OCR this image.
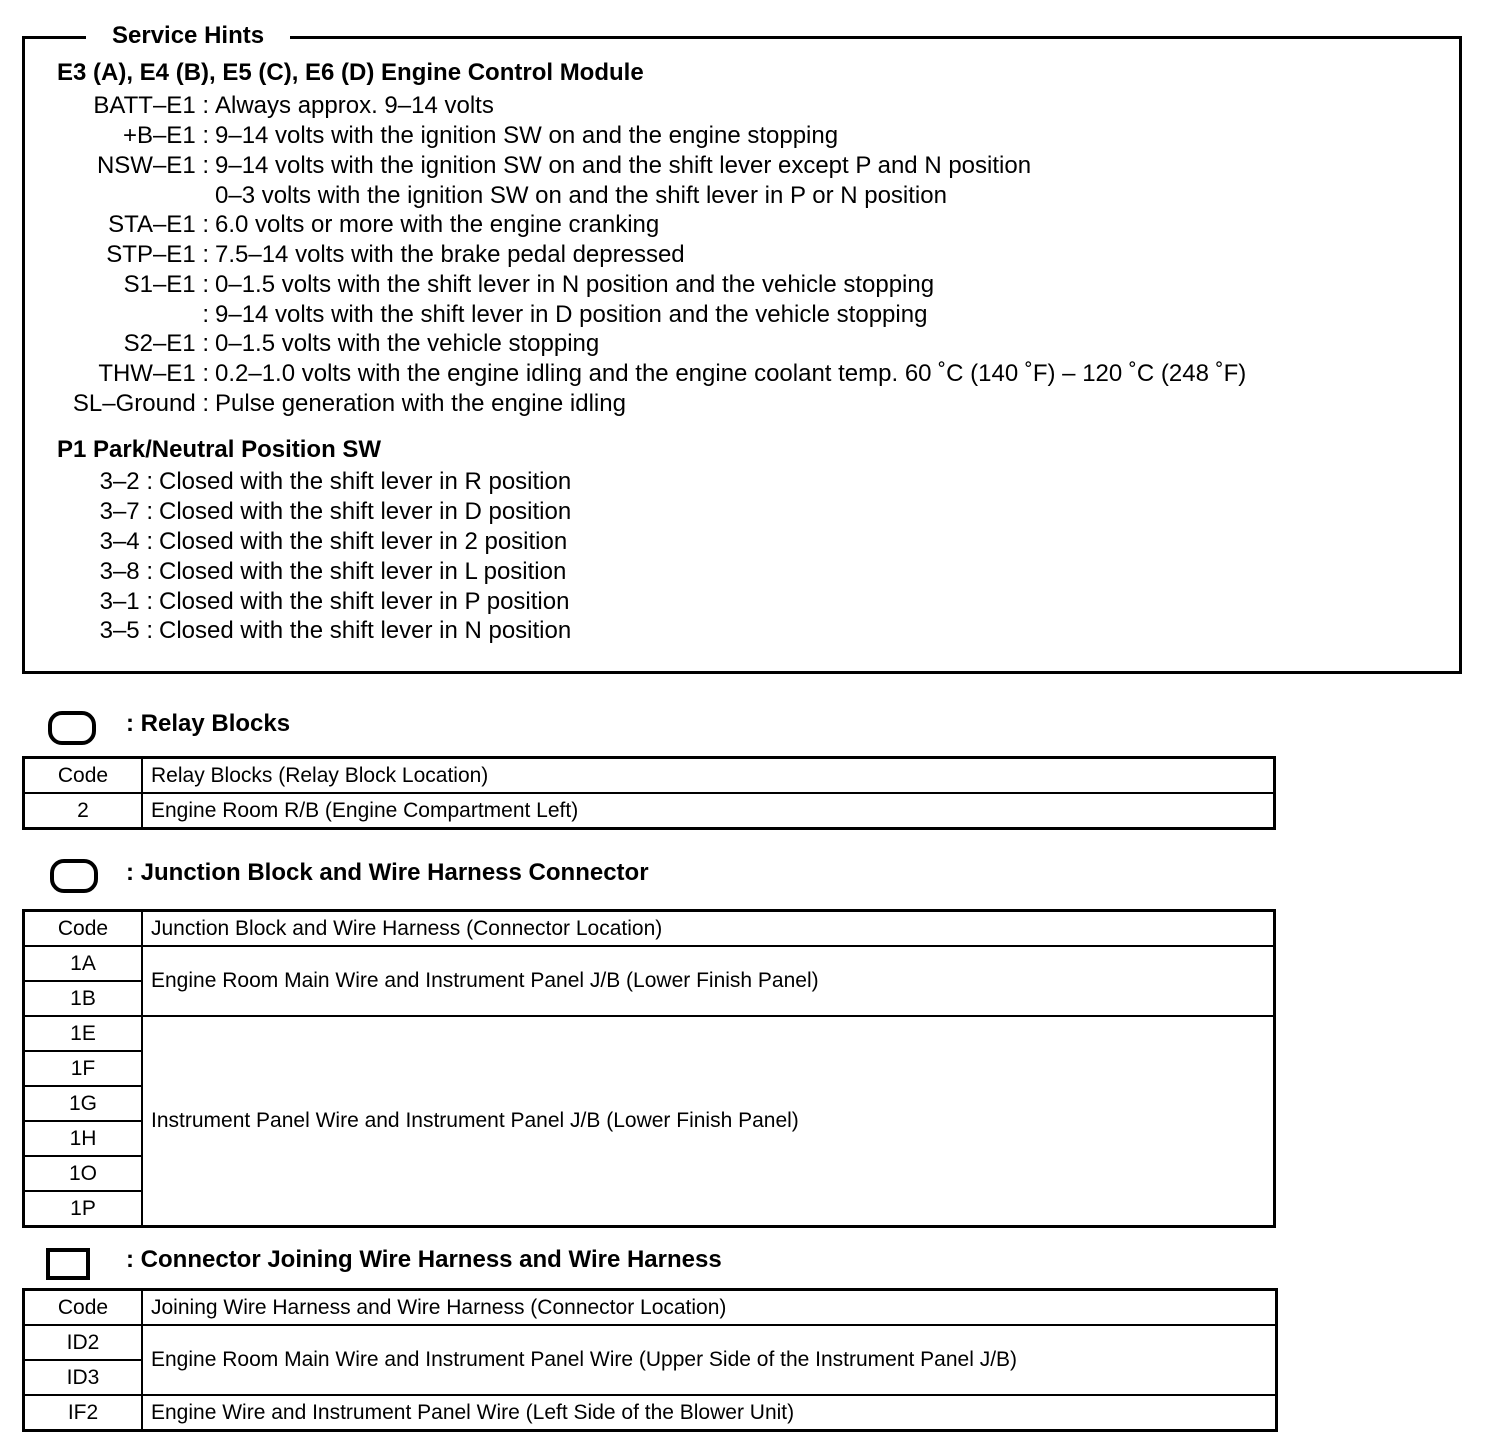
Service Hints
E3 (A), E4 (B), E5 (C), E6 (D) Engine Control Module
BATT–E1 : Always approx. 9–14 volts
+B–E1 : 9–14 volts with the ignition SW on and the engine stopping
NSW–E1 : 9–14 volts with the ignition SW on and the shift lever except P and N position
0–3 volts with the ignition SW on and the shift lever in P or N position
STA–E1 : 6.0 volts or more with the engine cranking
STP–E1 : 7.5–14 volts with the brake pedal depressed
S1–E1 : 0–1.5 volts with the shift lever in N position and the vehicle stopping
: 9–14 volts with the shift lever in D position and the vehicle stopping
S2–E1 : 0–1.5 volts with the vehicle stopping
THW–E1 : 0.2–1.0 volts with the engine idling and the engine coolant temp. 60 ˚C (140 ˚F) – 120 ˚C (248 ˚F)
SL–Ground : Pulse generation with the engine idling
P1 Park/Neutral Position SW
3–2 : Closed with the shift lever in R position
3–7 : Closed with the shift lever in D position
3–4 : Closed with the shift lever in 2 position
3–8 : Closed with the shift lever in L position
3–1 : Closed with the shift lever in P position
3–5 : Closed with the shift lever in N position
: Relay Blocks
Code	Relay Blocks (Relay Block Location)
2	Engine Room R/B (Engine Compartment Left)
: Junction Block and Wire Harness Connector
Code	Junction Block and Wire Harness (Connector Location)
1A	Engine Room Main Wire and Instrument Panel J/B (Lower Finish Panel)
1B	
1E	Instrument Panel Wire and Instrument Panel J/B (Lower Finish Panel)
1F	
1G	
1H	
1O	
1P	
: Connector Joining Wire Harness and Wire Harness
Code	Joining Wire Harness and Wire Harness (Connector Location)
ID2	Engine Room Main Wire and Instrument Panel Wire (Upper Side of the Instrument Panel J/B)
ID3	
IF2	Engine Wire and Instrument Panel Wire (Left Side of the Blower Unit)
